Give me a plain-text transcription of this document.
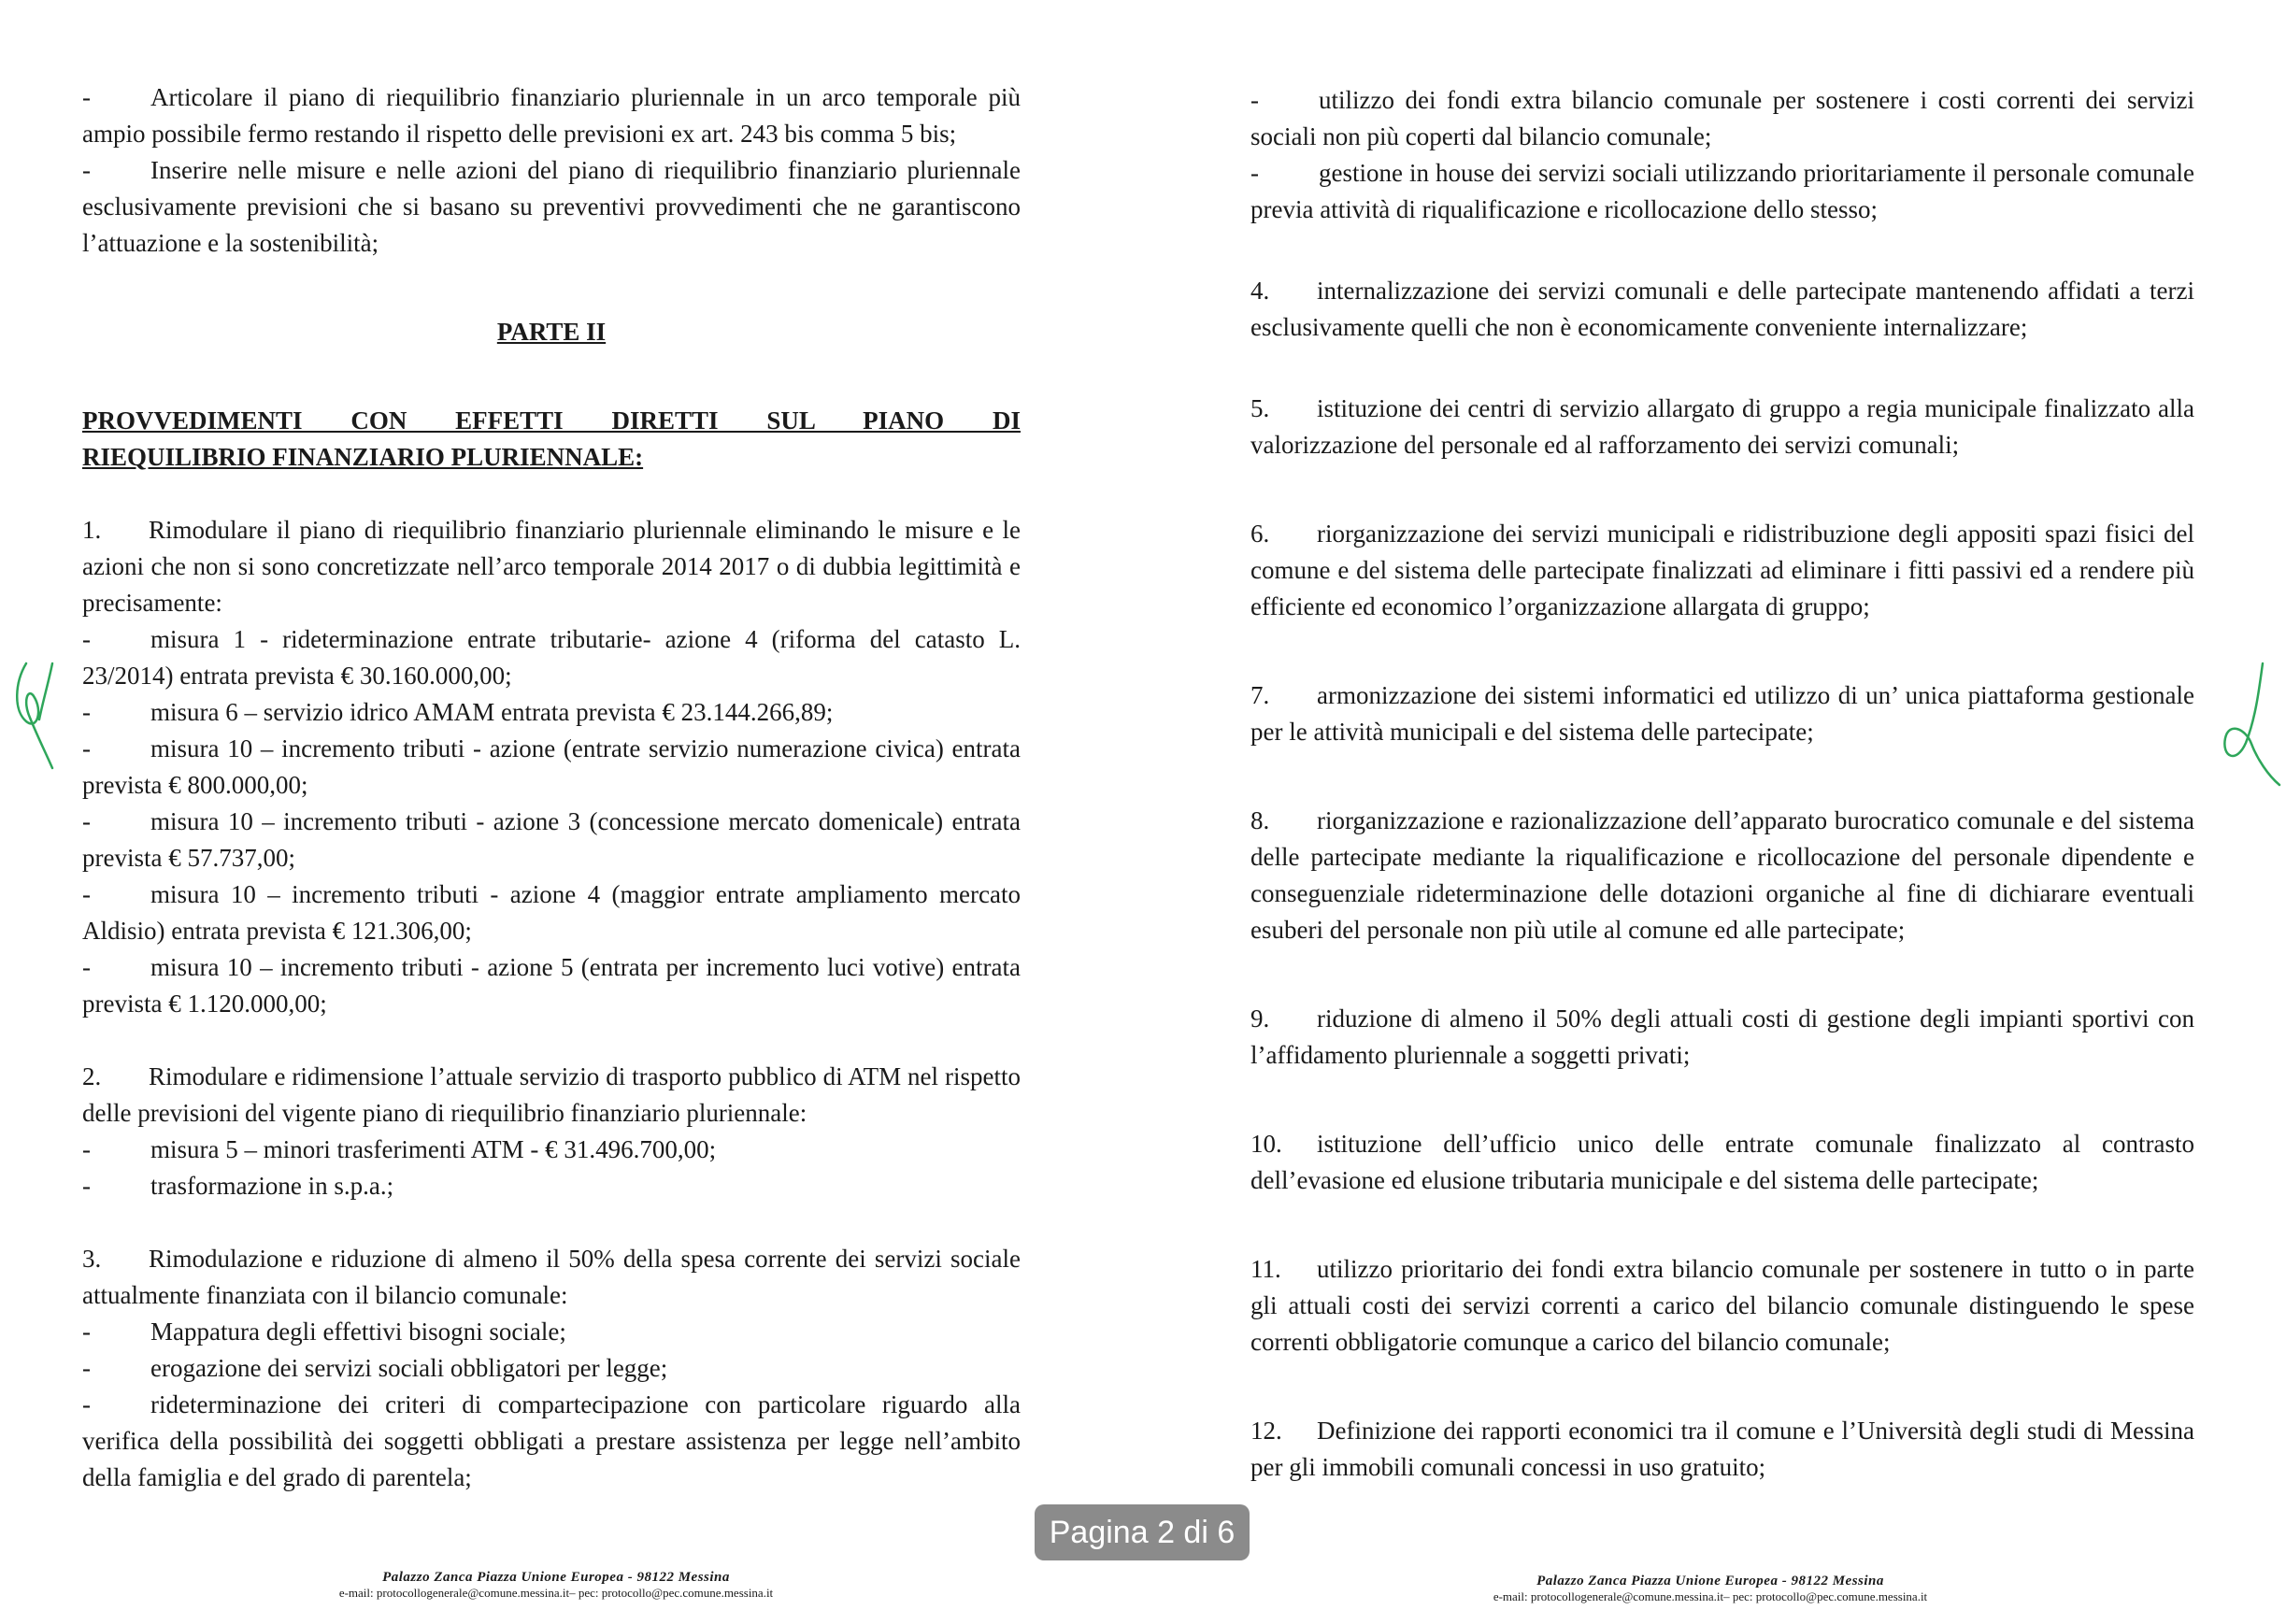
- Articolare il piano di riequilibrio finanziario pluriennale in un arco temporale più ampio possibile fermo restando il rispetto delle previsioni ex art. 243 bis comma 5 bis;

- Inserire nelle misure e nelle azioni del piano di riequilibrio finanziario pluriennale esclusivamente previsioni che si basano su preventivi provvedimenti che ne garantiscono l’attuazione e la sostenibilità;

PARTE II

PROVVEDIMENTI CON EFFETTI DIRETTI SUL PIANO DI
RIEQUILIBRIO FINANZIARIO PLURIENNALE:

1. Rimodulare il piano di riequilibrio finanziario pluriennale eliminando le misure e le azioni che non si sono concretizzate nell’arco temporale 2014 2017 o di dubbia legittimità e precisamente:

- misura 1 - rideterminazione entrate tributarie- azione 4 (riforma del catasto L. 23/2014) entrata prevista € 30.160.000,00;

- misura 6 – servizio idrico AMAM entrata prevista € 23.144.266,89;

- misura 10 – incremento tributi - azione (entrate servizio numerazione civica) entrata prevista € 800.000,00;

- misura 10 – incremento tributi - azione 3 (concessione mercato domenicale) entrata prevista € 57.737,00;

- misura 10 – incremento tributi - azione 4 (maggior entrate ampliamento mercato Aldisio) entrata prevista € 121.306,00;

- misura 10 – incremento tributi - azione 5 (entrata per incremento luci votive) entrata prevista € 1.120.000,00;

2. Rimodulare e ridimensione l’attuale servizio di trasporto pubblico di ATM nel rispetto delle previsioni del vigente piano di riequilibrio finanziario pluriennale:

- misura 5 – minori trasferimenti ATM - € 31.496.700,00;

- trasformazione in s.p.a.;

3. Rimodulazione e riduzione di almeno il 50% della spesa corrente dei servizi sociale attualmente finanziata con il bilancio comunale:

- Mappatura degli effettivi bisogni sociale;

- erogazione dei servizi sociali obbligatori per legge;

- rideterminazione dei criteri di compartecipazione con particolare riguardo alla verifica della possibilità dei soggetti obbligati a prestare assistenza per legge nell’ambito della famiglia e del grado di parentela;

Palazzo Zanca Piazza Unione Europea - 98122 Messina
e-mail: protocollogenerale@comune.messina.it– pec: protocollo@pec.comune.messina.it

- utilizzo dei fondi extra bilancio comunale per sostenere i costi correnti dei servizi sociali non più coperti dal bilancio comunale;

- gestione in house dei servizi sociali utilizzando prioritariamente il personale comunale previa attività di riqualificazione e ricollocazione dello stesso;

4. internalizzazione dei servizi comunali e delle partecipate mantenendo affidati a terzi esclusivamente quelli che non è economicamente conveniente internalizzare;

5. istituzione dei centri di servizio allargato di gruppo a regia municipale finalizzato alla valorizzazione del personale ed al rafforzamento dei servizi comunali;

6. riorganizzazione dei servizi municipali e ridistribuzione degli appositi spazi fisici del comune e del sistema delle partecipate finalizzati ad eliminare i fitti passivi ed a rendere più efficiente ed economico l’organizzazione allargata di gruppo;

7. armonizzazione dei sistemi informatici ed utilizzo di un’ unica piattaforma gestionale per le attività municipali e del sistema delle partecipate;

8. riorganizzazione e razionalizzazione dell’apparato burocratico comunale e del sistema delle partecipate mediante la riqualificazione e ricollocazione del personale dipendente e conseguenziale rideterminazione delle dotazioni organiche al fine di dichiarare eventuali esuberi del personale non più utile al comune ed alle partecipate;

9. riduzione di almeno il 50% degli attuali costi di gestione degli impianti sportivi con l’affidamento pluriennale a soggetti privati;

10. istituzione dell’ufficio unico delle entrate comunale finalizzato al contrasto dell’evasione ed elusione tributaria municipale e del sistema delle partecipate;

11. utilizzo prioritario dei fondi extra bilancio comunale per sostenere in tutto o in parte gli attuali costi dei servizi correnti a carico del bilancio comunale distinguendo le spese correnti obbligatorie comunque a carico del bilancio comunale;

12. Definizione dei rapporti economici tra il comune e l’Università degli studi di Messina per gli immobili comunali concessi in uso gratuito;

Palazzo Zanca Piazza Unione Europea - 98122 Messina
e-mail: protocollogenerale@comune.messina.it– pec: protocollo@pec.comune.messina.it
Pagina 2 di 6
